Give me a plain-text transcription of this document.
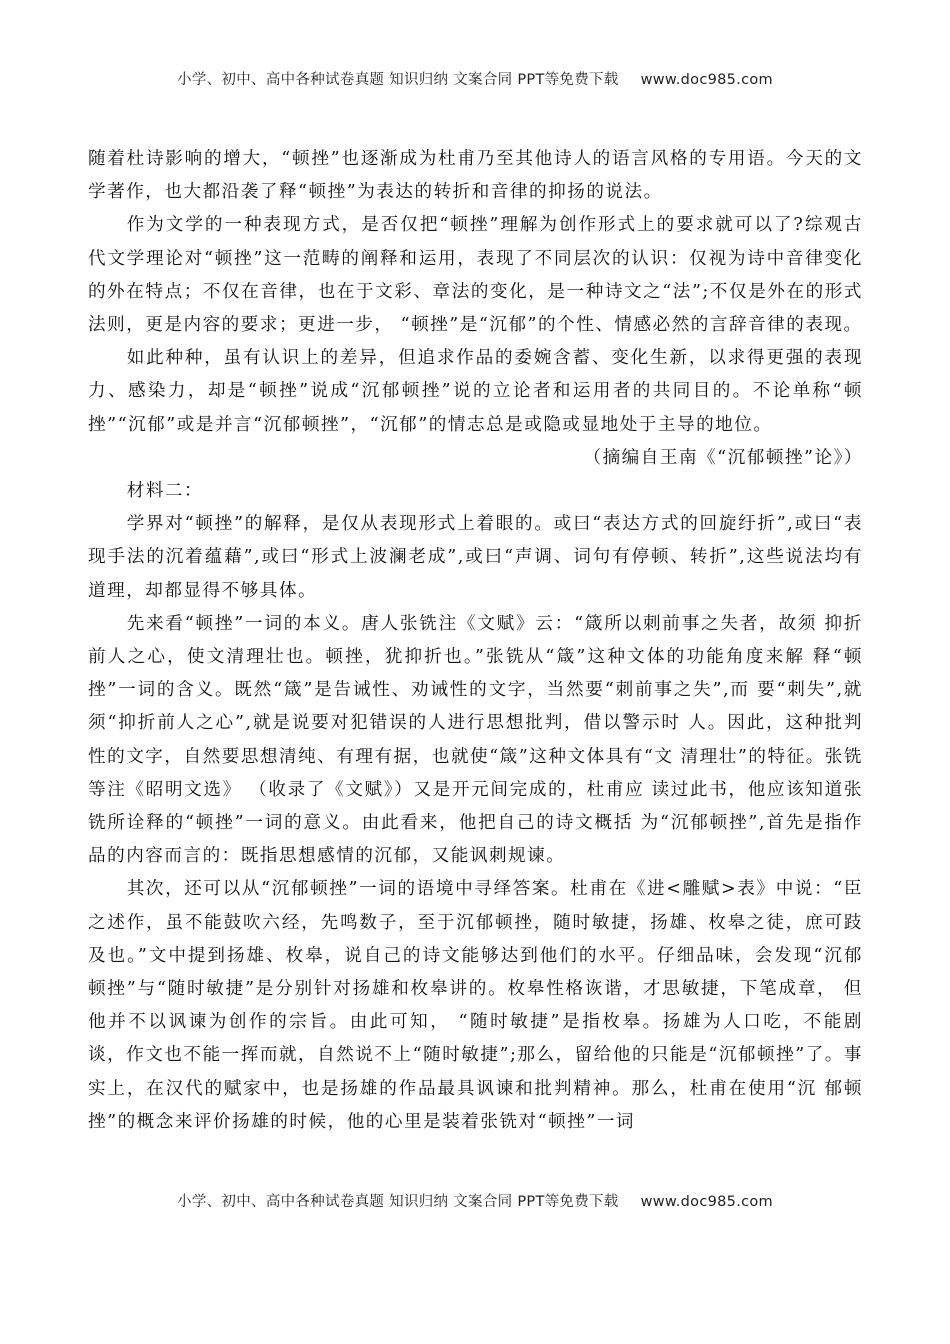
小学、初中、高中各种试卷真题 知识归纳 文案合同 PPT等免费下载 www.doc985.com

随着杜诗影响的增大，“顿挫”也逐渐成为杜甫乃至其他诗人的语言风格的专用语。今天的文学著作，也大都沿袭了释“顿挫”为表达的转折和音律的抑扬的说法。

作为文学的一种表现方式，是否仅把“顿挫”理解为创作形式上的要求就可以了?综观古代文学理论对“顿挫”这一范畴的阐释和运用，表现了不同层次的认识：仅视为诗中音律变化的外在特点；不仅在音律，也在于文彩、章法的变化，是一种诗文之“法”;不仅是外在的形式法则，更是内容的要求；更进一步， “顿挫”是“沉郁”的个性、情感必然的言辞音律的表现。

如此种种，虽有认识上的差异，但追求作品的委婉含蓄、变化生新，以求得更强的表现力、感染力，却是“顿挫”说成“沉郁顿挫”说的立论者和运用者的共同目的。不论单称“顿 挫”“沉郁”或是并言“沉郁顿挫”，“沉郁”的情志总是或隐或显地处于主导的地位。

（摘编自王南《“沉郁顿挫”论》）

材料二：

学界对“顿挫”的解释，是仅从表现形式上着眼的。或曰“表达方式的回旋纡折”,或曰“表现手法的沉着蕴藉”,或曰“形式上波澜老成”,或曰“声调、词句有停顿、转折”,这些说法均有道理，却都显得不够具体。

先来看“顿挫”一词的本义。唐人张铣注《文赋》云：“箴所以刺前事之失者，故须 抑折前人之心，使文清理壮也。顿挫，犹抑折也。”张铣从“箴”这种文体的功能角度来解 释“顿挫”一词的含义。既然“箴”是告诫性、劝诫性的文字，当然要“刺前事之失”,而 要“刺失”,就须“抑折前人之心”,就是说要对犯错误的人进行思想批判，借以警示时 人。因此，这种批判性的文字，自然要思想清纯、有理有据，也就使“箴”这种文体具有“文 清理壮”的特征。张铣等注《昭明文选》 （收录了《文赋》）又是开元间完成的，杜甫应 读过此书，他应该知道张铣所诠释的“顿挫”一词的意义。由此看来，他把自己的诗文概括 为“沉郁顿挫”,首先是指作品的内容而言的：既指思想感情的沉郁，又能讽刺规谏。

其次，还可以从“沉郁顿挫”一词的语境中寻绎答案。杜甫在《进<雕赋>表》中说：“臣 之述作，虽不能鼓吹六经，先鸣数子，至于沉郁顿挫，随时敏捷，扬雄、枚皋之徒，庶可跂 及也。”文中提到扬雄、枚皋，说自己的诗文能够达到他们的水平。仔细品味，会发现“沉郁顿挫”与“随时敏捷”是分别针对扬雄和枚皋讲的。枚皋性格诙谐，才思敏捷，下笔成章， 但他并不以讽谏为创作的宗旨。由此可知， “随时敏捷”是指枚皋。扬雄为人口吃，不能剧 谈，作文也不能一挥而就，自然说不上“随时敏捷”;那么，留给他的只能是“沉郁顿挫”了。事实上，在汉代的赋家中，也是扬雄的作品最具讽谏和批判精神。那么，杜甫在使用“沉 郁顿挫”的概念来评价扬雄的时候，他的心里是装着张铣对“顿挫”一词

小学、初中、高中各种试卷真题 知识归纳 文案合同 PPT等免费下载 www.doc985.com
